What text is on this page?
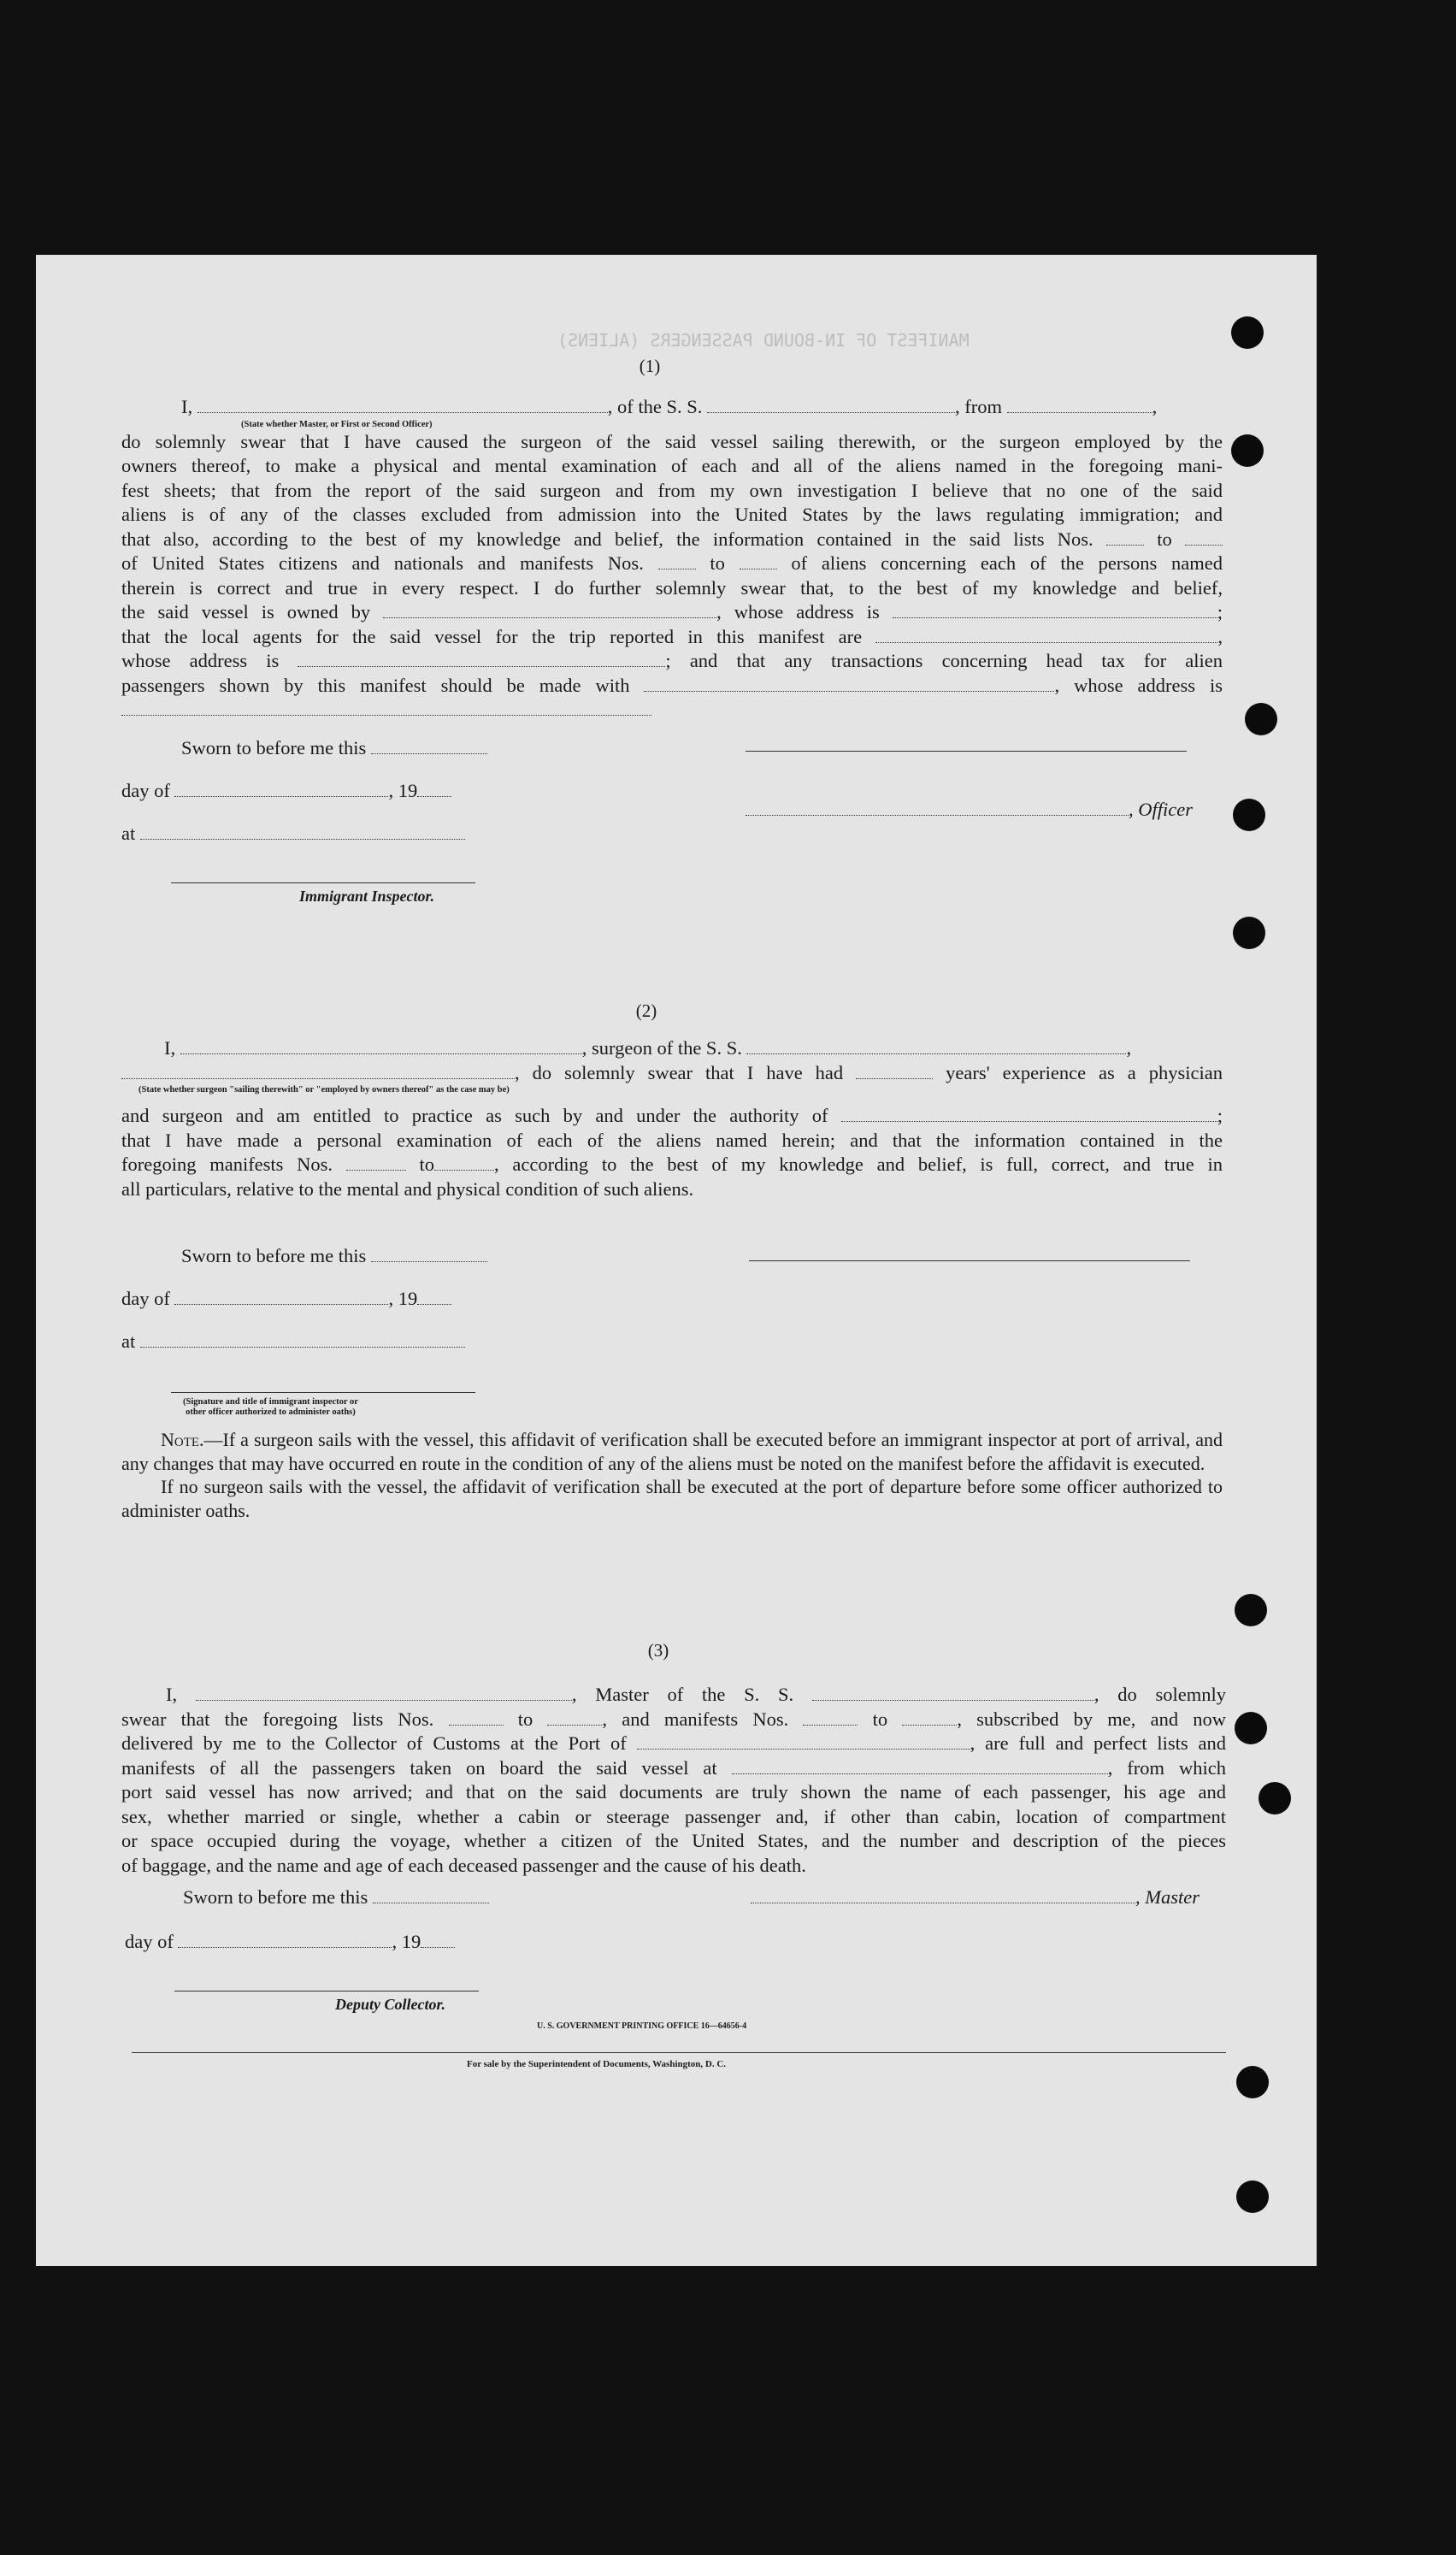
MANIFEST OF IN-BOUND PASSENGERS (ALIENS)
(1)
I,	, of the S. S.	, from	,
(State whether Master, or First or Second Officer)
do solemnly swear that I have caused the surgeon of the said vessel sailing therewith, or the surgeon employed by the
owners thereof, to make a physical and mental examination of each and all of the aliens named in the foregoing mani-
fest sheets; that from the report of the said surgeon and from my own investigation I believe that no one of the said
aliens is of any of the classes excluded from admission into the United States by the laws regulating immigration; and
that also, according to the best of my knowledge and belief, the information contained in the said lists Nos.	to
of United States citizens and nationals and manifests Nos.	to	of aliens concerning each of the persons named
therein is correct and true in every respect. I do further solemnly swear that, to the best of my knowledge and belief,
the said vessel is owned by	, whose address is	;
that the local agents for the said vessel for the trip reported in this manifest are	,
whose address is	; and that any transactions concerning head tax for alien
passengers shown by this manifest should be made with	, whose address is
Sworn to before me this
day of	, 19
at
Immigrant Inspector.
, Officer
(2)
I,	, surgeon of the S. S.	,
, do solemnly swear that I have had	years' experience as a physician
(State whether surgeon "sailing therewith" or "employed by owners thereof" as the case may be)
and surgeon and am entitled to practice as such by and under the authority of	;
that I have made a personal examination of each of the aliens named herein; and that the information contained in the
foregoing manifests Nos.	to	, according to the best of my knowledge and belief, is full, correct, and true in
all particulars, relative to the mental and physical condition of such aliens.
Sworn to before me this
day of	, 19
at
(Signature and title of immigrant inspector or
other officer authorized to administer oaths)
Note.—If a surgeon sails with the vessel, this affidavit of verification shall be executed before an immigrant inspector at port of arrival, and any changes that may have occurred en route in the condition of any of the aliens must be noted on the manifest before the affidavit is executed.
If no surgeon sails with the vessel, the affidavit of verification shall be executed at the port of departure before some officer authorized to administer oaths.
(3)
I,	, Master of the S. S.	, do solemnly
swear that the foregoing lists Nos.	to	, and manifests Nos.	to	, subscribed by me, and now
delivered by me to the Collector of Customs at the Port of	, are full and perfect lists and
manifests of all the passengers taken on board the said vessel at	, from which
port said vessel has now arrived; and that on the said documents are truly shown the name of each passenger, his age and
sex, whether married or single, whether a cabin or steerage passenger and, if other than cabin, location of compartment
or space occupied during the voyage, whether a citizen of the United States, and the number and description of the pieces
of baggage, and the name and age of each deceased passenger and the cause of his death.
Sworn to before me this	, Master
day of	, 19
Deputy Collector.
U. S. GOVERNMENT PRINTING OFFICE 16—64656-4
For sale by the Superintendent of Documents, Washington, D. C.
